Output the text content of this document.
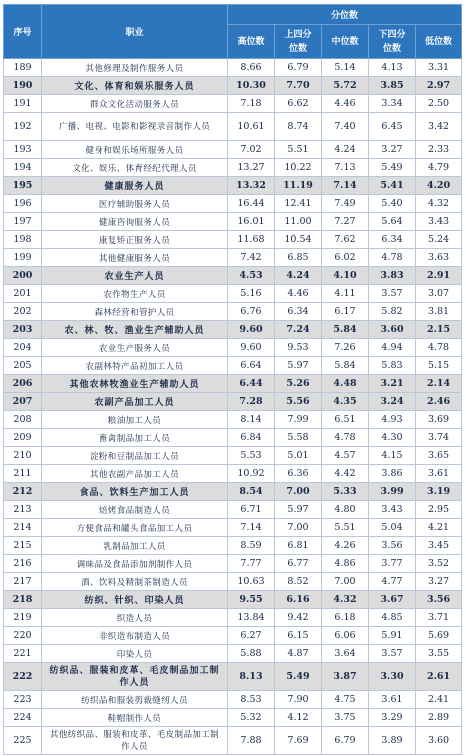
序号	职业	分位数				
		高位数	上四分位数	中位数	下四分位数	低位数
189	其他修理及制作服务人员	8.66	6.79	5.14	4.13	3.31
190	文化、体育和娱乐服务人员	10.30	7.70	5.72	3.85	2.97
191	群众文化活动服务人员	7.18	6.62	4.46	3.34	2.50
192	广播、电视、电影和影视录音制作人员	10.61	8.74	7.40	6.45	3.42
193	健身和娱乐场所服务人员	7.02	5.51	4.24	3.27	2.33
194	文化、娱乐、体育经纪代理人员	13.27	10.22	7.13	5.49	4.79
195	健康服务人员	13.32	11.19	7.14	5.41	4.20
196	医疗辅助服务人员	16.44	12.41	7.49	5.40	4.32
197	健康咨询服务人员	16.01	11.00	7.27	5.64	3.43
198	康复矫正服务人员	11.68	10.54	7.62	6.34	5.24
199	其他健康服务人员	7.42	6.85	6.02	4.78	3.63
200	农业生产人员	4.53	4.24	4.10	3.83	2.91
201	农作物生产人员	5.16	4.46	4.11	3.57	3.07
202	森林经营和管护人员	6.76	6.34	6.17	5.82	3.81
203	农、林、牧、渔业生产辅助人员	9.60	7.24	5.84	3.60	2.15
204	农业生产服务人员	9.60	9.53	7.26	4.94	4.78
205	农副林特产品初加工人员	6.64	5.97	5.84	5.83	5.15
206	其他农林牧渔业生产辅助人员	6.44	5.26	4.48	3.21	2.14
207	农副产品加工人员	7.28	5.56	4.35	3.24	2.46
208	粮油加工人员	8.14	7.99	6.51	4.93	3.69
209	畜禽制品加工人员	6.84	5.58	4.78	4.30	3.74
210	淀粉和豆制品加工人员	5.53	5.01	4.57	4.15	3.65
211	其他农副产品加工人员	10.92	6.36	4.42	3.86	3.61
212	食品、饮料生产加工人员	8.54	7.00	5.33	3.99	3.19
213	焙烤食品制造人员	6.71	5.97	4.80	3.43	2.95
214	方便食品和罐头食品加工人员	7.14	7.00	5.51	5.04	4.21
215	乳制品加工人员	8.59	6.81	4.26	3.56	3.45
216	调味品及食品添加剂制作人员	7.77	6.77	4.86	3.77	3.52
217	酒、饮料及精制茶制造人员	10.63	8.52	7.00	4.77	3.27
218	纺织、针织、印染人员	9.55	6.16	4.32	3.67	3.56
219	织造人员	13.84	9.42	6.18	4.85	3.71
220	非织造布制造人员	6.27	6.15	6.06	5.91	5.69
221	印染人员	5.88	4.87	3.64	3.57	3.55
222	纺织品、服装和皮革、毛皮制品加工制作人员	8.13	5.49	3.87	3.30	2.61
223	纺织品和服装剪裁缝纫人员	8.53	7.90	4.75	3.61	2.41
224	鞋帽制作人员	5.32	4.12	3.75	3.29	2.89
225	其他纺织品、服装和皮革、毛皮制品加工制作人员	7.88	7.69	6.79	3.89	3.60
